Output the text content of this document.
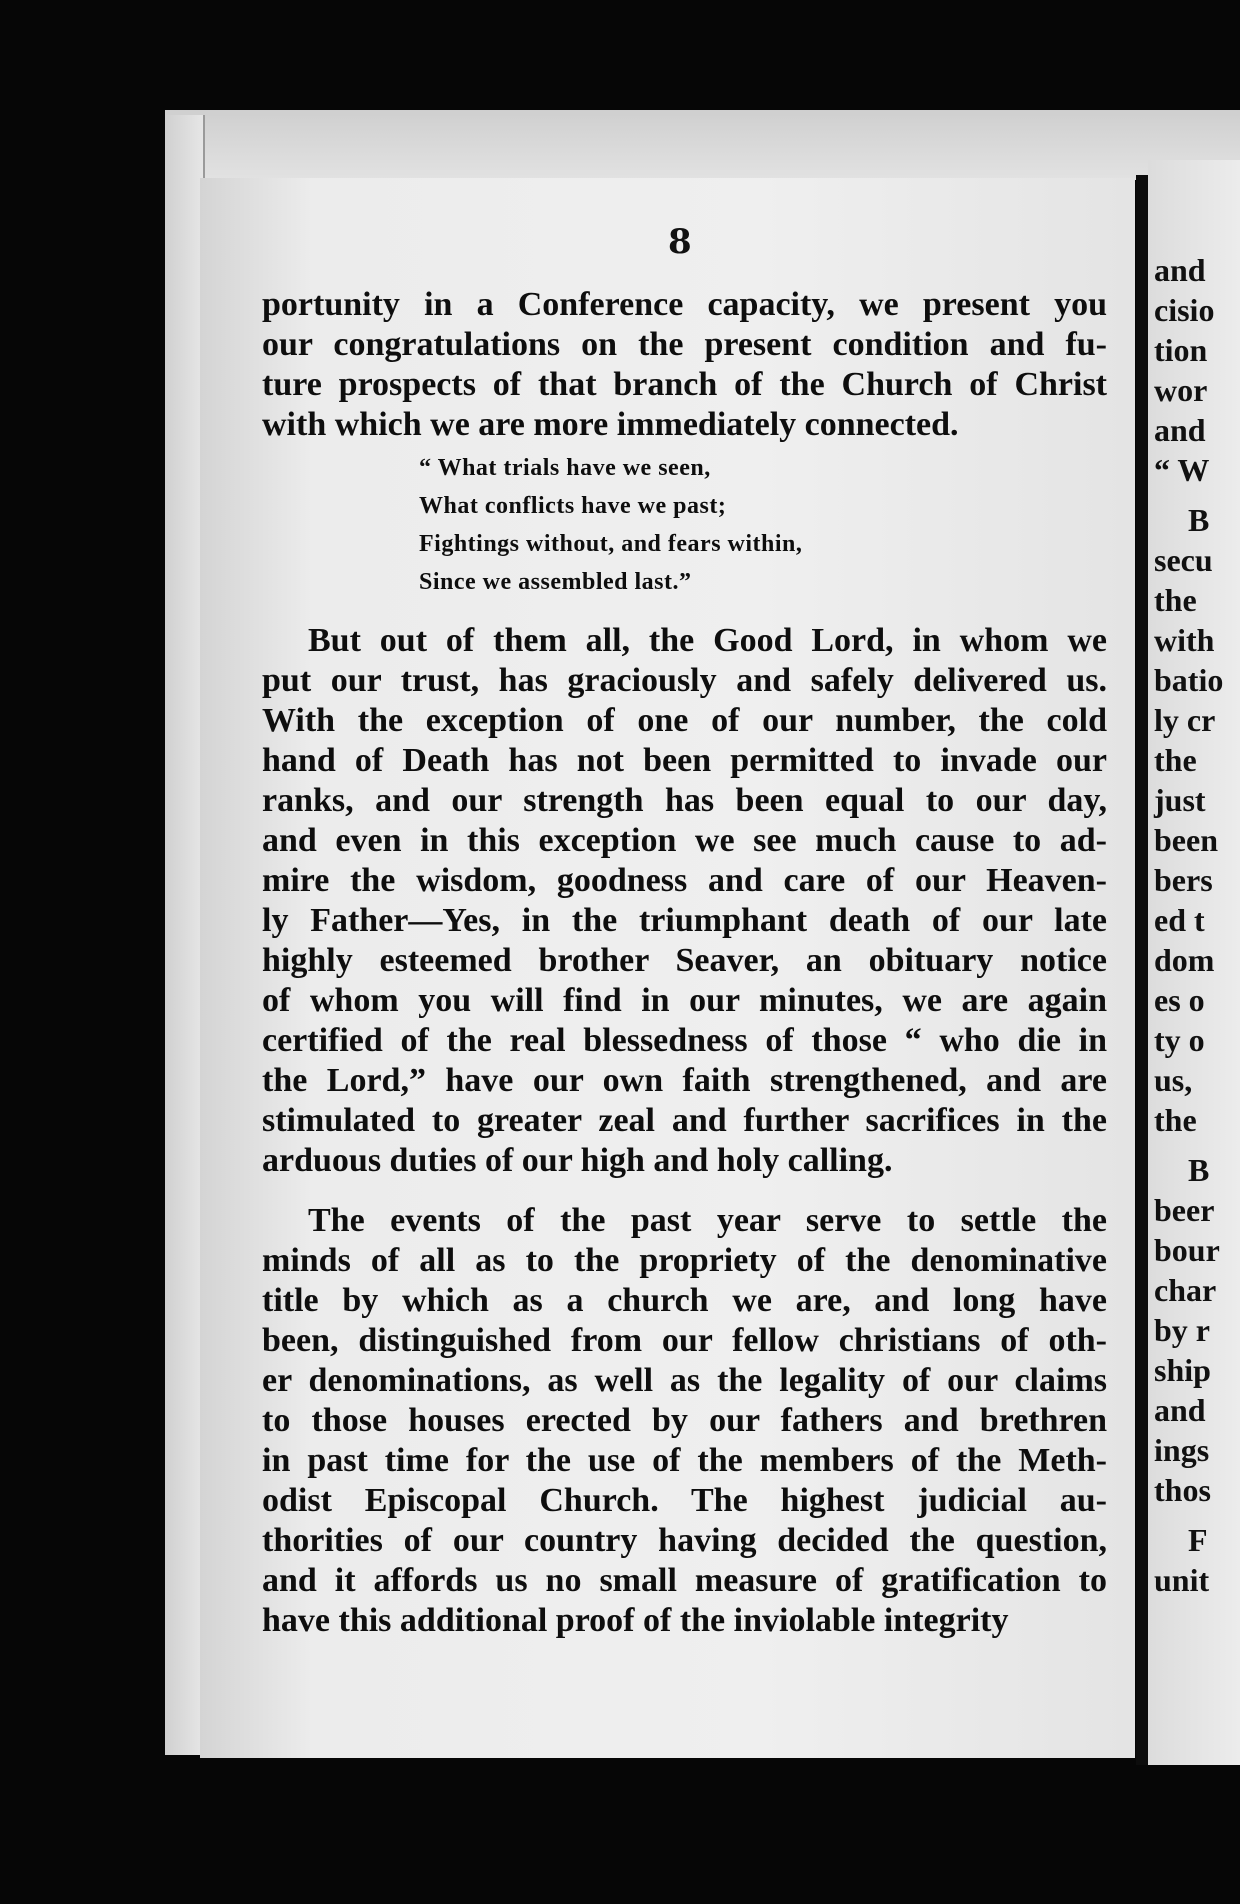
and
cisio
tion
wor
and
“ W
B
secu
the
with
batio
ly cr
the
just
been
bers
ed t
dom
es o
ty o
us,
the
B
beer
bour
char
by r
ship
and
ings
thos
F
unit
8
portunity in a Conference capacity, we present you
our congratulations on the present condition and fu-
ture prospects of that branch of the Church of Christ
with which we are more immediately connected.
“ What trials have we seen,
What conflicts have we past;
Fightings without, and fears within,
Since we assembled last.”
But out of them all, the Good Lord, in whom we
put our trust, has graciously and safely delivered us.
With the exception of one of our number, the cold
hand of Death has not been permitted to invade our
ranks, and our strength has been equal to our day,
and even in this exception we see much cause to ad-
mire the wisdom, goodness and care of our Heaven-
ly Father—Yes, in the triumphant death of our late
highly esteemed brother Seaver, an obituary notice
of whom you will find in our minutes, we are again
certified of the real blessedness of those “ who die in
the Lord,” have our own faith strengthened, and are
stimulated to greater zeal and further sacrifices in the
arduous duties of our high and holy calling.
The events of the past year serve to settle the
minds of all as to the propriety of the denominative
title by which as a church we are, and long have
been, distinguished from our fellow christians of oth-
er denominations, as well as the legality of our claims
to those houses erected by our fathers and brethren
in past time for the use of the members of the Meth-
odist Episcopal Church. The highest judicial au-
thorities of our country having decided the question,
and it affords us no small measure of gratification to
have this additional proof of the inviolable integrity
